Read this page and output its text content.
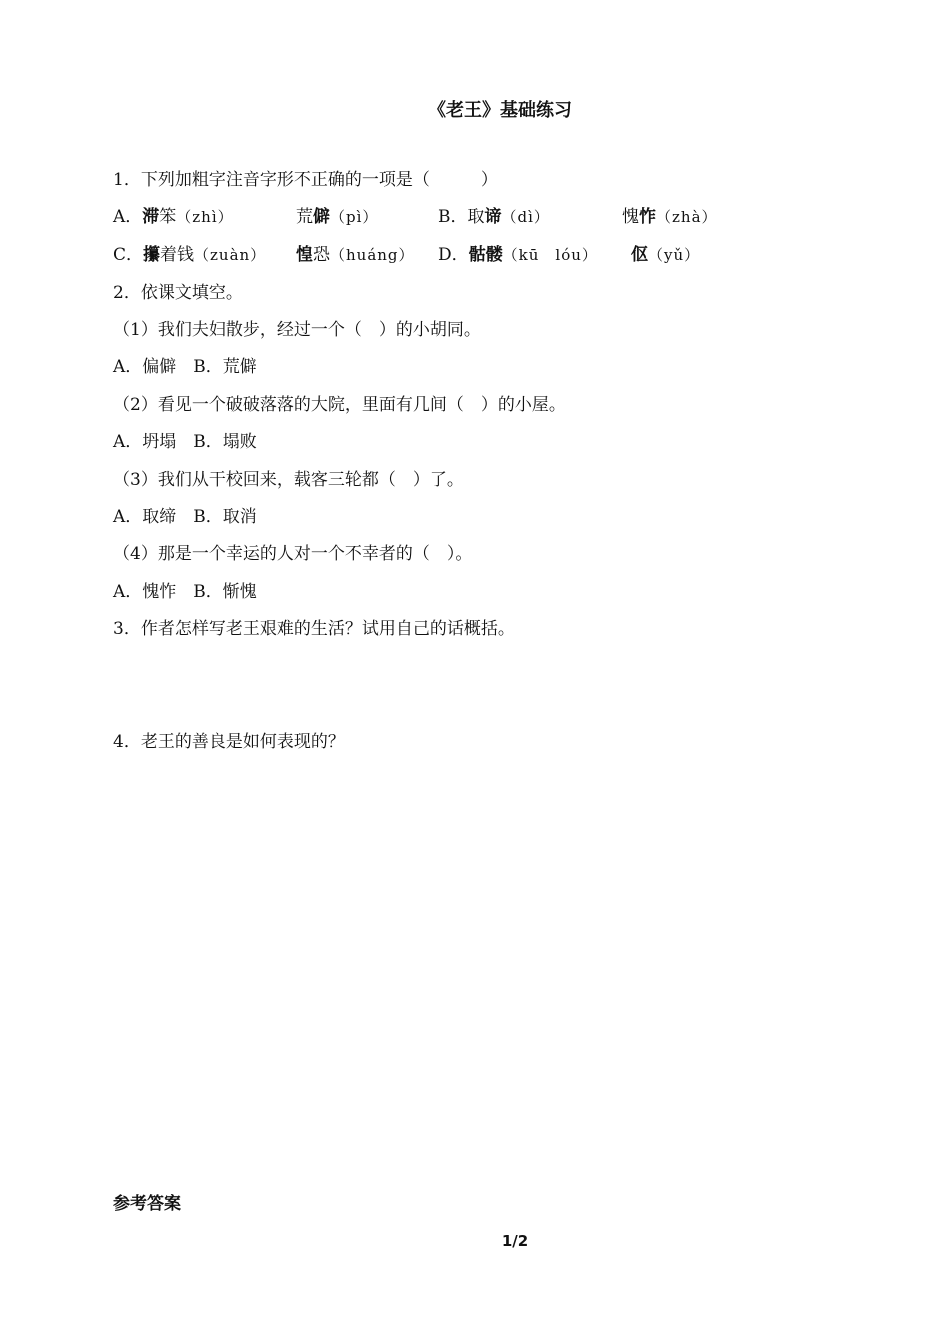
《老王》基础练习
1．下列加粗字注音字形不正确的一项是（　　　）
A．滞笨（zhì）	荒僻（pì）	B．取谛（dì）	愧怍（zhà）
C．攥着钱（zuàn） 惶恐（huáng） D．骷髅（kū　lóu） 伛（yǔ）
2．依课文填空。
（1）我们夫妇散步，经过一个（　）的小胡同。
A．偏僻　B．荒僻
（2）看见一个破破落落的大院，里面有几间（　）的小屋。
A．坍塌　B．塌败
（3）我们从干校回来，载客三轮都（　）了。
A．取缔　B．取消
（4）那是一个幸运的人对一个不幸者的（　）。
A．愧怍　B．惭愧
3．作者怎样写老王艰难的生活？试用自己的话概括。
4．老王的善良是如何表现的？
参考答案
1/2
